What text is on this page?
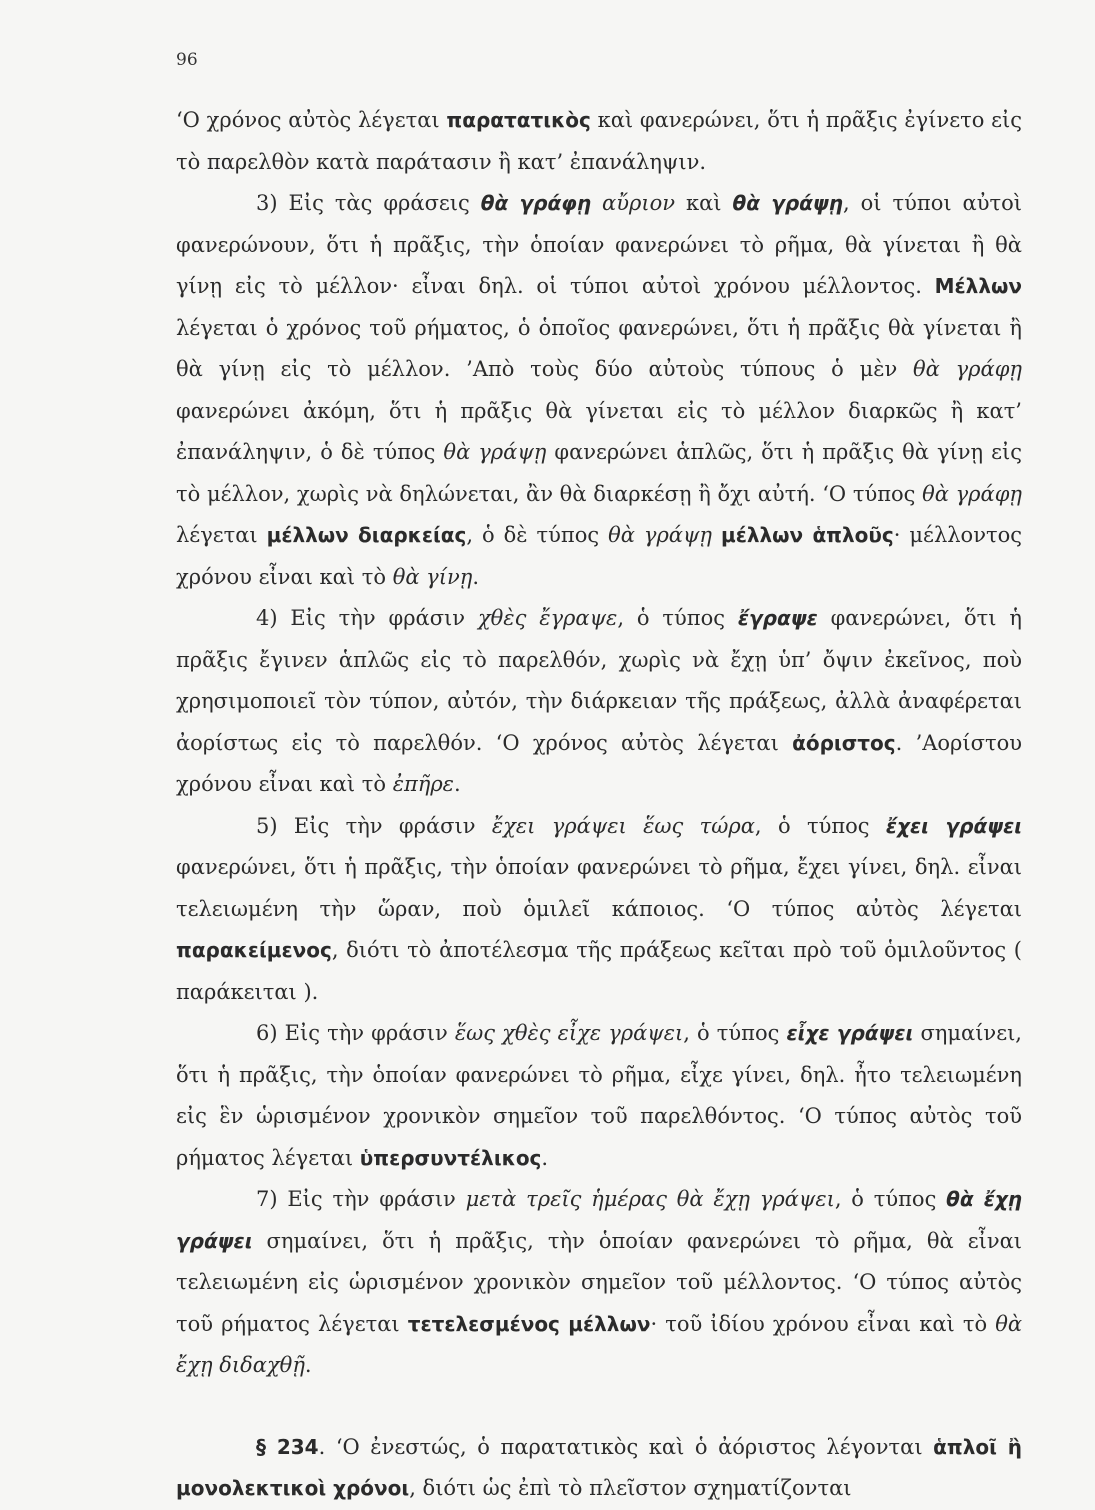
96

‘Ο χρόνος αὐτὸς λέγεται παρατατικὸς καὶ φανερώνει, ὅτι ἡ πρᾶξις ἐγίνετο εἰς τὸ παρελθὸν κατὰ παράτασιν ἢ κατ’ ἐπανάληψιν.

3) Εἰς τὰς φράσεις θὰ γράφῃ αὔριον καὶ θὰ γράψῃ, οἱ τύποι αὐτοὶ φανερώνουν, ὅτι ἡ πρᾶξις, τὴν ὁποίαν φανερώνει τὸ ρῆμα, θὰ γίνεται ἢ θὰ γίνῃ εἰς τὸ μέλλον· εἶναι δηλ. οἱ τύποι αὐτοὶ χρόνου μέλλοντος. Μέλλων λέγεται ὁ χρόνος τοῦ ρήματος, ὁ ὁποῖος φανερώνει, ὅτι ἡ πρᾶξις θὰ γίνεται ἢ θὰ γίνῃ εἰς τὸ μέλλον. ’Απὸ τοὺς δύο αὐτοὺς τύπους ὁ μὲν θὰ γράφῃ φανερώνει ἀκόμη, ὅτι ἡ πρᾶξις θὰ γίνεται εἰς τὸ μέλλον διαρκῶς ἢ κατ’ ἐπανάληψιν, ὁ δὲ τύπος θὰ γράψῃ φανερώνει ἁπλῶς, ὅτι ἡ πρᾶξις θὰ γίνῃ εἰς τὸ μέλλον, χωρὶς νὰ δηλώνεται, ἂν θὰ διαρκέσῃ ἢ ὄχι αὐτή. ‘Ο τύπος θὰ γράφῃ λέγεται μέλλων διαρκείας, ὁ δὲ τύπος θὰ γράψῃ μέλλων ἁπλοῦς· μέλλοντος χρόνου εἶναι καὶ τὸ θὰ γίνῃ.

4) Εἰς τὴν φράσιν χθὲς ἔγραψε, ὁ τύπος ἔγραψε φανερώνει, ὅτι ἡ πρᾶξις ἔγινεν ἁπλῶς εἰς τὸ παρελθόν, χωρὶς νὰ ἔχῃ ὑπ’ ὄψιν ἐκεῖνος, ποὺ χρησιμοποιεῖ τὸν τύπον, αὐτόν, τὴν διάρκειαν τῆς πράξεως, ἀλλὰ ἀναφέρεται ἀορίστως εἰς τὸ παρελθόν. ‘Ο χρόνος αὐτὸς λέγεται ἀόριστος. ’Αορίστου χρόνου εἶναι καὶ τὸ ἐπῆρε.

5) Εἰς τὴν φράσιν ἔχει γράψει ἕως τώρα, ὁ τύπος ἔχει γράψει φανερώνει, ὅτι ἡ πρᾶξις, τὴν ὁποίαν φανερώνει τὸ ρῆμα, ἔχει γίνει, δηλ. εἶναι τελειωμένη τὴν ὥραν, ποὺ ὁμιλεῖ κάποιος. ‘Ο τύπος αὐτὸς λέγεται παρακείμενος, διότι τὸ ἀποτέλεσμα τῆς πράξεως κεῖται πρὸ τοῦ ὁμιλοῦντος ( παράκειται ).

6) Εἰς τὴν φράσιν ἕως χθὲς εἶχε γράψει, ὁ τύπος εἶχε γράψει σημαίνει, ὅτι ἡ πρᾶξις, τὴν ὁποίαν φανερώνει τὸ ρῆμα, εἶχε γίνει, δηλ. ἦτο τελειωμένη εἰς ἓν ὡρισμένον χρονικὸν σημεῖον τοῦ παρελθόντος. ‘Ο τύπος αὐτὸς τοῦ ρήματος λέγεται ὑπερσυντέλικος.

7) Εἰς τὴν φράσιν μετὰ τρεῖς ἡμέρας θὰ ἔχῃ γράψει, ὁ τύπος θὰ ἔχῃ γράψει σημαίνει, ὅτι ἡ πρᾶξις, τὴν ὁποίαν φανερώνει τὸ ρῆμα, θὰ εἶναι τελειωμένη εἰς ὡρισμένον χρονικὸν σημεῖον τοῦ μέλλοντος. ‘Ο τύπος αὐτὸς τοῦ ρήματος λέγεται τετελεσμένος μέλλων· τοῦ ἰδίου χρόνου εἶναι καὶ τὸ θὰ ἔχῃ διδαχθῇ.

§ 234. ‘Ο ἐνεστώς, ὁ παρατατικὸς καὶ ὁ ἀόριστος λέγονται ἁπλοῖ ἢ μονολεκτικοὶ χρόνοι, διότι ὡς ἐπὶ τὸ πλεῖστον σχηματίζονται
